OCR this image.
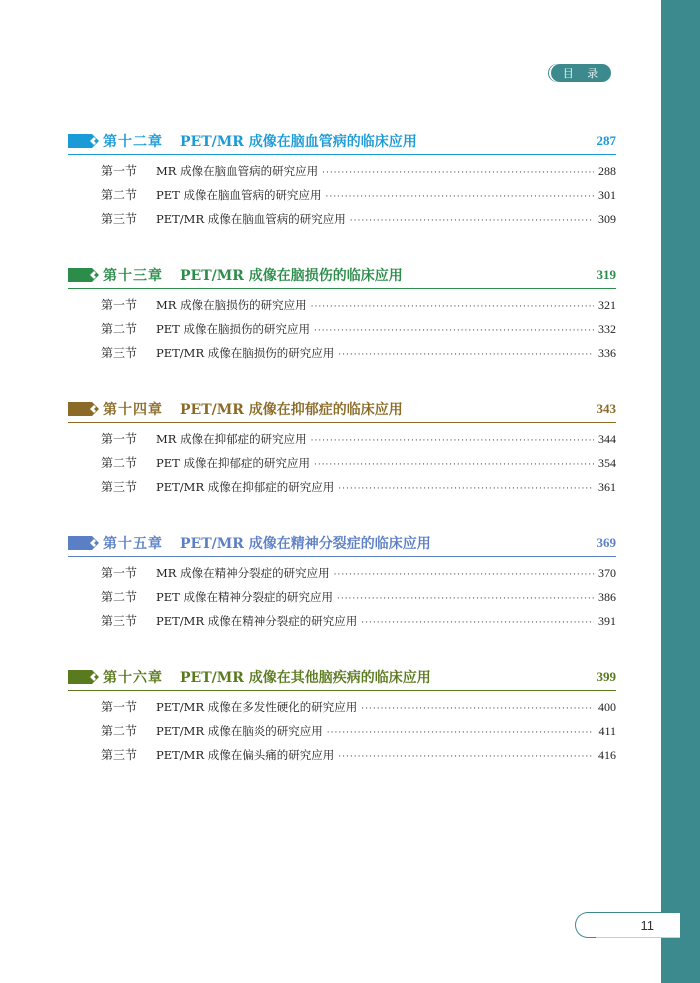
目 录
第十二章	PET/MR 成像在脑血管病的临床应用	287
第一节	MR 成像在脑血管病的研究应用 ·····	288
第二节	PET 成像在脑血管病的研究应用 ·····	301
第三节	PET/MR 成像在脑血管病的研究应用 ·····	309
第十三章	PET/MR 成像在脑损伤的临床应用	319
第一节	MR 成像在脑损伤的研究应用 ·····	321
第二节	PET 成像在脑损伤的研究应用 ·····	332
第三节	PET/MR 成像在脑损伤的研究应用 ·····	336
第十四章	PET/MR 成像在抑郁症的临床应用	343
第一节	MR 成像在抑郁症的研究应用 ·····	344
第二节	PET 成像在抑郁症的研究应用 ·····	354
第三节	PET/MR 成像在抑郁症的研究应用 ·····	361
第十五章	PET/MR 成像在精神分裂症的临床应用	369
第一节	MR 成像在精神分裂症的研究应用 ·····	370
第二节	PET 成像在精神分裂症的研究应用 ·····	386
第三节	PET/MR 成像在精神分裂症的研究应用 ·····	391
第十六章	PET/MR 成像在其他脑疾病的临床应用	399
第一节	PET/MR 成像在多发性硬化的研究应用 ·····	400
第二节	PET/MR 成像在脑炎的研究应用 ·····	411
第三节	PET/MR 成像在偏头痛的研究应用 ·····	416
11
